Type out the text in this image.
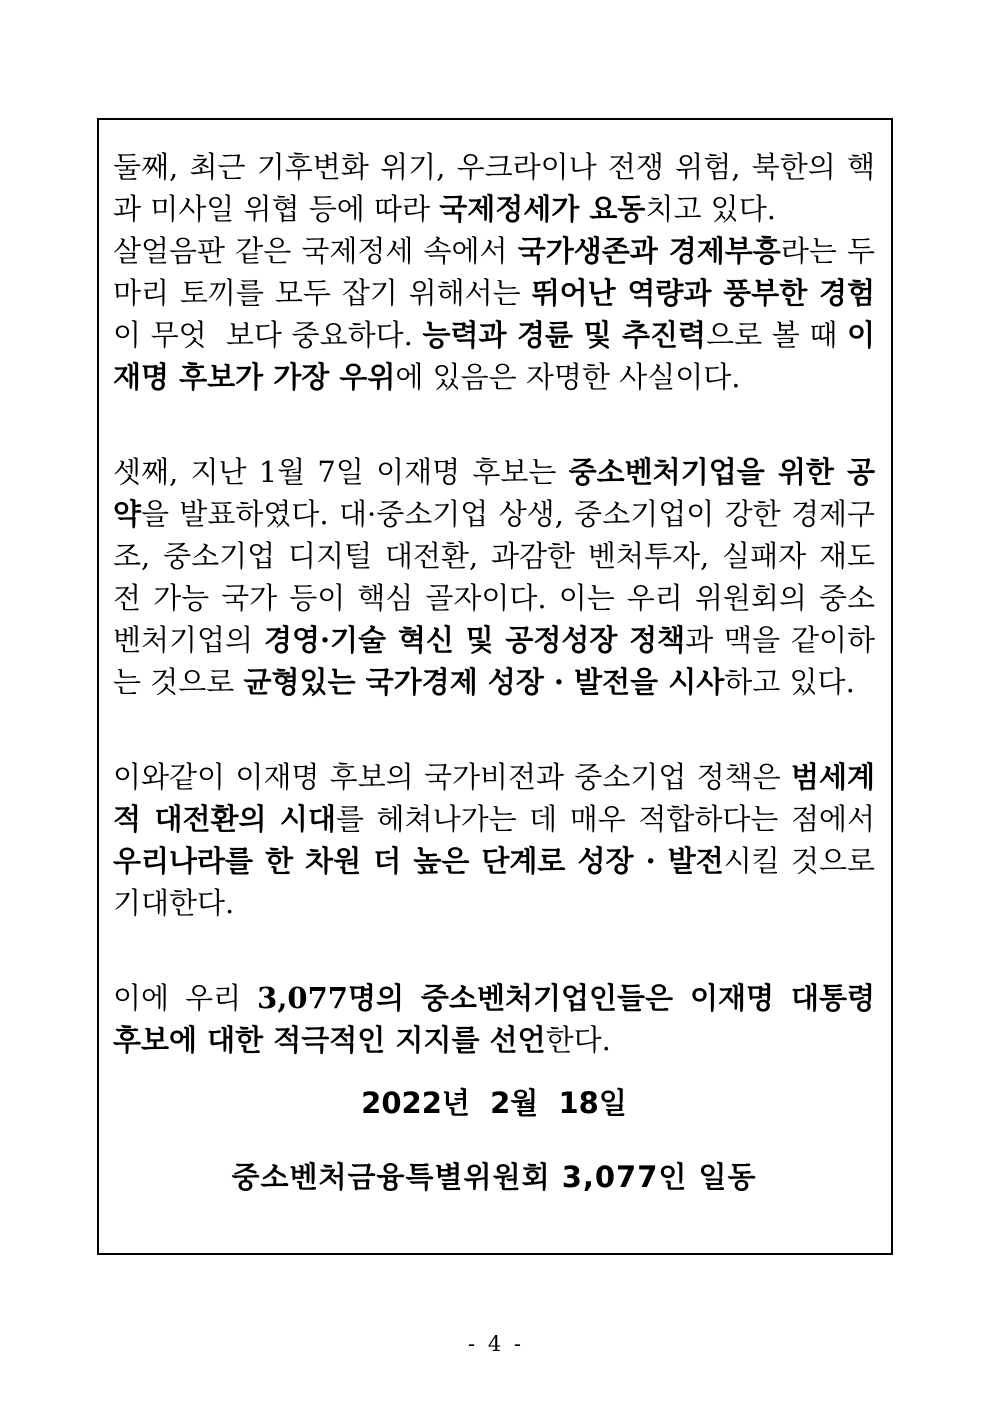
둘째, 최근 기후변화 위기, 우크라이나 전쟁 위험, 북한의 핵과 미사일 위협 등에 따라 국제정세가 요동치고 있다.

살얼음판 같은 국제정세 속에서 국가생존과 경제부흥라는 두마리 토끼를 모두 잡기 위해서는 뛰어난 역량과 풍부한 경험이 무엇  보다 중요하다. 능력과 경륜 및 추진력으로 볼 때 이재명 후보가 가장 우위에 있음은 자명한 사실이다.

셋째, 지난 1월 7일 이재명 후보는 중소벤처기업을 위한 공약을 발표하였다. 대·중소기업 상생, 중소기업이 강한 경제구조, 중소기업 디지털 대전환, 과감한 벤처투자, 실패자 재도전 가능 국가 등이 핵심 골자이다. 이는 우리 위원회의 중소벤처기업의 경영·기술 혁신 및 공정성장 정책과 맥을 같이하는 것으로 균형있는 국가경제 성장 · 발전을 시사하고 있다.

이와같이 이재명 후보의 국가비전과 중소기업 정책은 범세계적 대전환의 시대를 헤쳐나가는 데 매우 적합하다는 점에서 우리나라를 한 차원 더 높은 단계로 성장 · 발전시킬 것으로 기대한다.

이에 우리 3,077명의 중소벤처기업인들은 이재명 대통령 후보에 대한 적극적인 지지를 선언한다.

2022년  2월  18일
중소벤처금융특별위원회 3,077인 일동
- 4 -
